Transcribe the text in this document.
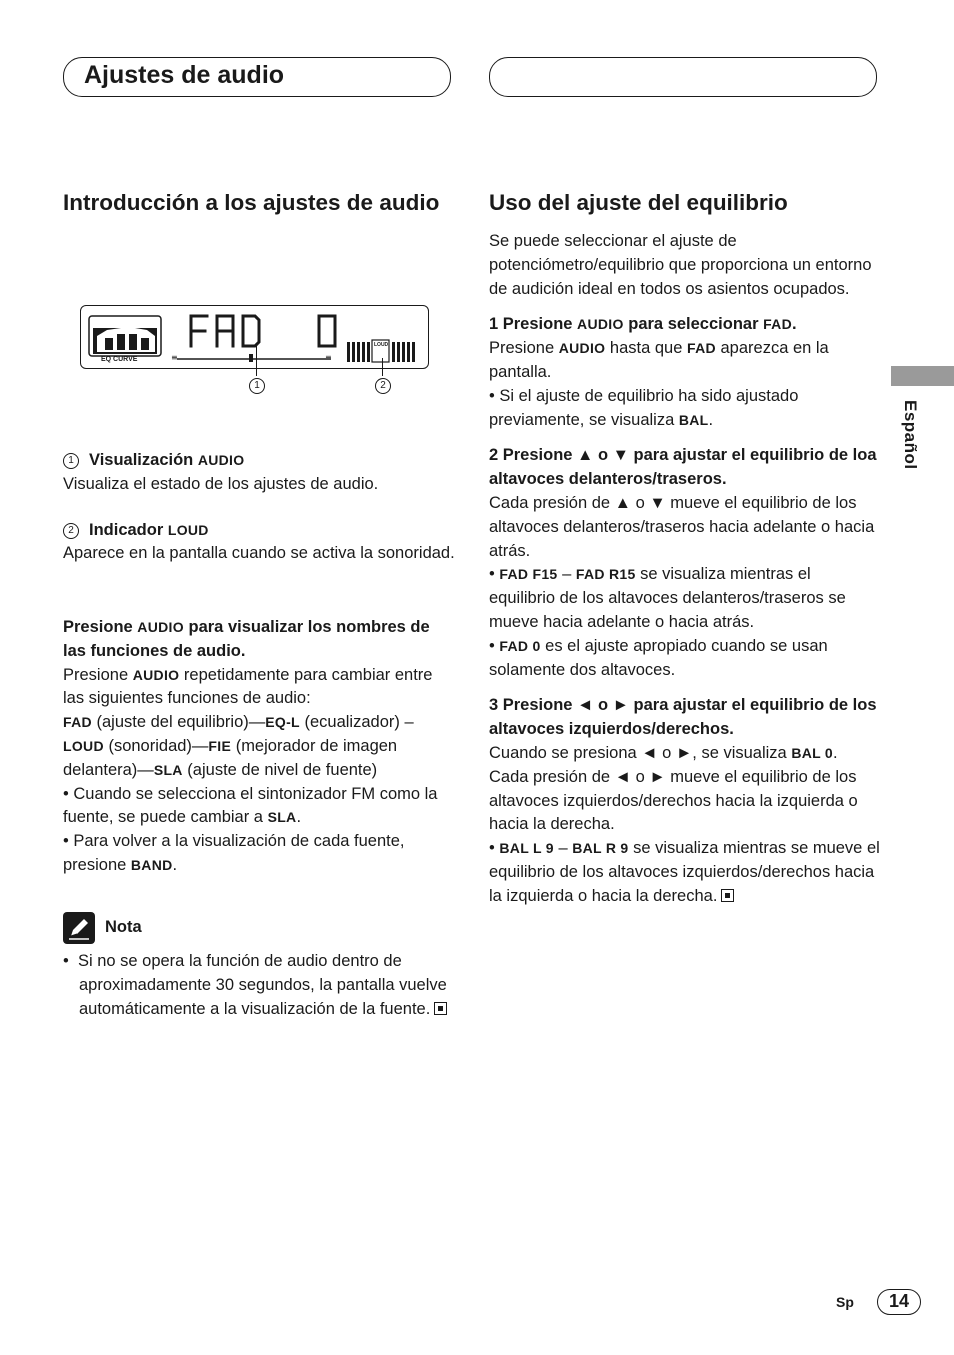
Ajustes de audio
Español
Introducción a los ajustes de audio
≡	≡
EQ CURVE
LOUD
1	2

1 Visualización AUDIO

Visualiza el estado de los ajustes de audio.

2 Indicador LOUD

Aparece en la pantalla cuando se activa la sonoridad.

Presione AUDIO para visualizar los nombres de las funciones de audio.

Presione AUDIO repetidamente para cambiar entre las siguientes funciones de audio:

FAD (ajuste del equilibrio)—EQ-L (ecualizador) – LOUD (sonoridad)—FIE (mejorador de imagen delantera)—SLA (ajuste de nivel de fuente)

• Cuando se selecciona el sintonizador FM como la fuente, se puede cambiar a SLA.

• Para volver a la visualización de cada fuente, presione BAND.

Nota

•  Si no se opera la función de audio dentro de aproximadamente 30 segundos, la pantalla vuelve automáticamente a la visualización de la fuente.

Uso del ajuste del equilibrio

Se puede seleccionar el ajuste de potenciómetro/equilibrio que proporciona un entorno de audición ideal en todos os asientos ocupados.

1 Presione AUDIO para seleccionar FAD.

Presione AUDIO hasta que FAD aparezca en la pantalla.

• Si el ajuste de equilibrio ha sido ajustado previamente, se visualiza BAL.

2 Presione ▲ o ▼ para ajustar el equilibrio de loa altavoces delanteros/traseros.

Cada presión de ▲ o ▼ mueve el equilibrio de los altavoces delanteros/traseros hacia adelante o hacia atrás.

• FAD F15 – FAD R15 se visualiza mientras el equilibrio de los altavoces delanteros/traseros se mueve hacia adelante o hacia atrás.

• FAD 0 es el ajuste apropiado cuando se usan solamente dos altavoces.

3 Presione ◄ o ► para ajustar el equilibrio de los altavoces izquierdos/derechos.

Cuando se presiona ◄ o ►, se visualiza BAL 0. Cada presión de ◄ o ► mueve el equilibrio de los altavoces izquierdos/derechos hacia la izquierda o hacia la derecha.

• BAL L 9 – BAL R 9 se visualiza mientras se mueve el equilibrio de los altavoces izquierdos/derechos hacia la izquierda o hacia la derecha.

Sp	14
